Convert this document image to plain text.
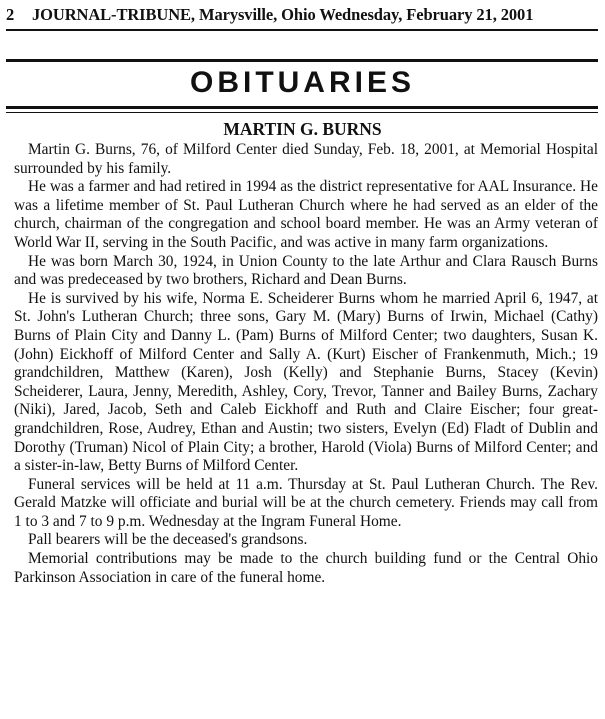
2 JOURNAL-TRIBUNE, Marysville, Ohio Wednesday, February 21, 2001
OBITUARIES
MARTIN G. BURNS

Martin G. Burns, 76, of Milford Center died Sunday, Feb. 18, 2001, at Memorial Hospital surrounded by his family.

He was a farmer and had retired in 1994 as the district representative for AAL Insurance. He was a lifetime member of St. Paul Lutheran Church where he had served as an elder of the church, chairman of the congregation and school board member. He was an Army veteran of World War II, serving in the South Pacific, and was active in many farm organizations.

He was born March 30, 1924, in Union County to the late Arthur and Clara Rausch Burns and was predeceased by two brothers, Richard and Dean Burns.

He is survived by his wife, Norma E. Scheiderer Burns whom he married April 6, 1947, at St. John's Lutheran Church; three sons, Gary M. (Mary) Burns of Irwin, Michael (Cathy) Burns of Plain City and Danny L. (Pam) Burns of Milford Center; two daughters, Susan K. (John) Eickhoff of Milford Center and Sally A. (Kurt) Eischer of Frankenmuth, Mich.; 19 grandchildren, Matthew (Karen), Josh (Kelly) and Stephanie Burns, Stacey (Kevin) Scheiderer, Laura, Jenny, Meredith, Ashley, Cory, Trevor, Tanner and Bailey Burns, Zachary (Niki), Jared, Jacob, Seth and Caleb Eickhoff and Ruth and Claire Eischer; four great-grandchildren, Rose, Audrey, Ethan and Austin; two sisters, Evelyn (Ed) Fladt of Dublin and Dorothy (Truman) Nicol of Plain City; a brother, Harold (Viola) Burns of Milford Center; and a sister-in-law, Betty Burns of Milford Center.

Funeral services will be held at 11 a.m. Thursday at St. Paul Lutheran Church. The Rev. Gerald Matzke will officiate and burial will be at the church cemetery. Friends may call from 1 to 3 and 7 to 9 p.m. Wednesday at the Ingram Funeral Home.

Pall bearers will be the deceased's grandsons.

Memorial contributions may be made to the church building fund or the Central Ohio Parkinson Association in care of the funeral home.
